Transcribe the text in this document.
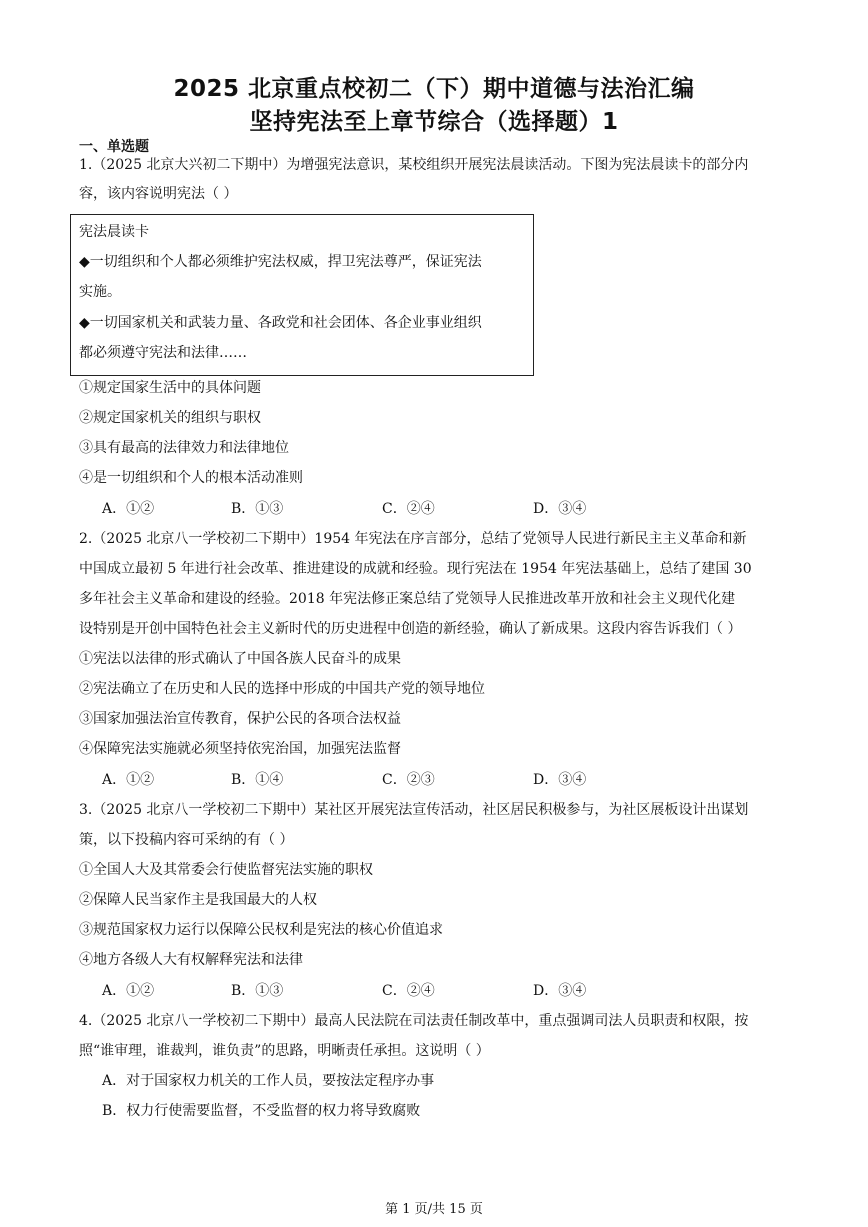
2025 北京重点校初二（下）期中道德与法治汇编
坚持宪法至上章节综合（选择题）1
一、单选题
1.（2025 北京大兴初二下期中）为增强宪法意识，某校组织开展宪法晨读活动。下图为宪法晨读卡的部分内
容，该内容说明宪法（ ）
宪法晨读卡
◆一切组织和个人都必须维护宪法权威，捍卫宪法尊严，保证宪法
实施。
◆一切国家机关和武装力量、各政党和社会团体、各企业事业组织
都必须遵守宪法和法律……
①规定国家生活中的具体问题
②规定国家机关的组织与职权
③具有最高的法律效力和法律地位
④是一切组织和个人的根本活动准则
A．①②	B．①③	C．②④	D．③④
2.（2025 北京八一学校初二下期中）1954 年宪法在序言部分，总结了党领导人民进行新民主主义革命和新
中国成立最初 5 年进行社会改革、推进建设的成就和经验。现行宪法在 1954 年宪法基础上，总结了建国 30
多年社会主义革命和建设的经验。2018 年宪法修正案总结了党领导人民推进改革开放和社会主义现代化建
设特别是开创中国特色社会主义新时代的历史进程中创造的新经验，确认了新成果。这段内容告诉我们（ ）
①宪法以法律的形式确认了中国各族人民奋斗的成果
②宪法确立了在历史和人民的选择中形成的中国共产党的领导地位
③国家加强法治宣传教育，保护公民的各项合法权益
④保障宪法实施就必须坚持依宪治国，加强宪法监督
A．①②	B．①④	C．②③	D．③④
3.（2025 北京八一学校初二下期中）某社区开展宪法宣传活动，社区居民积极参与，为社区展板设计出谋划
策，以下投稿内容可采纳的有（ ）
①全国人大及其常委会行使监督宪法实施的职权
②保障人民当家作主是我国最大的人权
③规范国家权力运行以保障公民权利是宪法的核心价值追求
④地方各级人大有权解释宪法和法律
A．①②	B．①③	C．②④	D．③④
4.（2025 北京八一学校初二下期中）最高人民法院在司法责任制改革中，重点强调司法人员职责和权限，按
照“谁审理，谁裁判，谁负责”的思路，明晰责任承担。这说明（ ）
A．对于国家权力机关的工作人员，要按法定程序办事
B．权力行使需要监督，不受监督的权力将导致腐败
第 1 页/共 15 页
